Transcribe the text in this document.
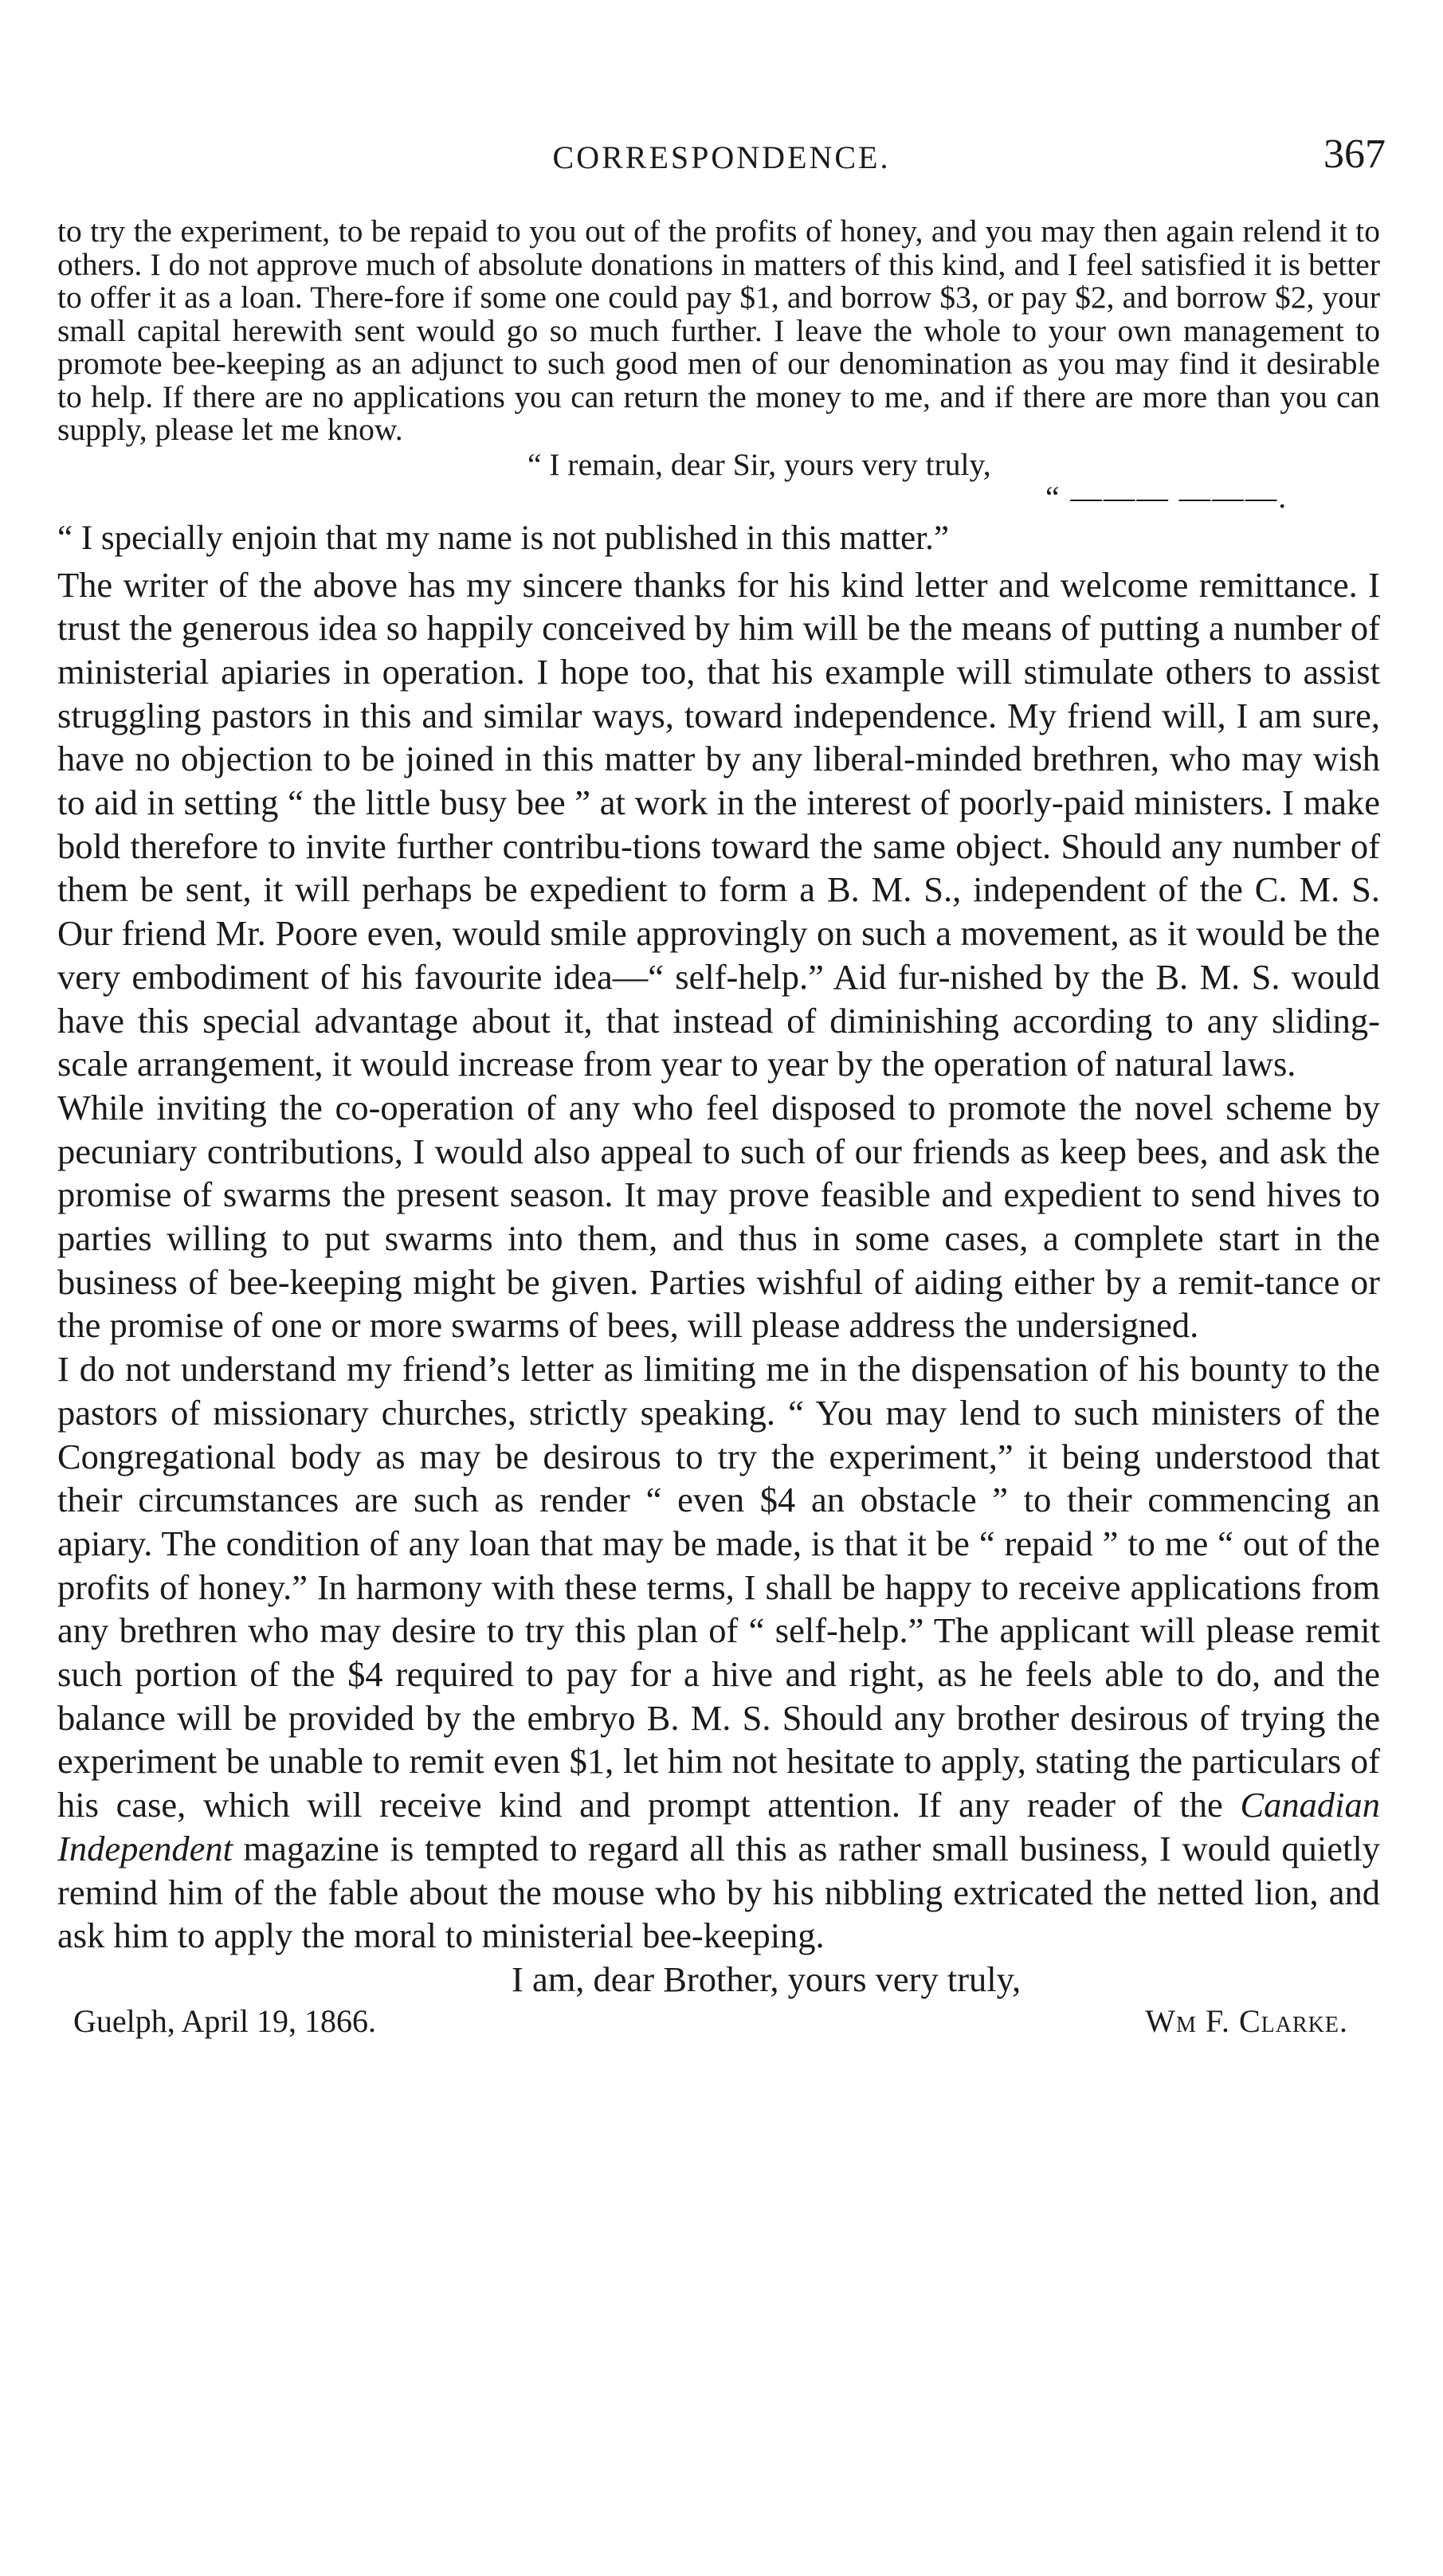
CORRESPONDENCE.	367

to try the experiment, to be repaid to you out of the profits of honey, and you may then again relend it to others. I do not approve much of absolute donations in matters of this kind, and I feel satisfied it is better to offer it as a loan. There-fore if some one could pay $1, and borrow $3, or pay $2, and borrow $2, your small capital herewith sent would go so much further. I leave the whole to your own management to promote bee-keeping as an adjunct to such good men of our denomination as you may find it desirable to help. If there are no applications you can return the money to me, and if there are more than you can supply, please let me know.

“ I remain, dear Sir, yours very truly,

“ ——— ———.

“ I specially enjoin that my name is not published in this matter.”

The writer of the above has my sincere thanks for his kind letter and welcome remittance. I trust the generous idea so happily conceived by him will be the means of putting a number of ministerial apiaries in operation. I hope too, that his example will stimulate others to assist struggling pastors in this and similar ways, toward independence. My friend will, I am sure, have no objection to be joined in this matter by any liberal-minded brethren, who may wish to aid in setting “ the little busy bee ” at work in the interest of poorly-paid ministers. I make bold therefore to invite further contribu-tions toward the same object. Should any number of them be sent, it will perhaps be expedient to form a B. M. S., independent of the C. M. S. Our friend Mr. Poore even, would smile approvingly on such a movement, as it would be the very embodiment of his favourite idea—“ self-help.” Aid fur-nished by the B. M. S. would have this special advantage about it, that instead of diminishing according to any sliding-scale arrangement, it would increase from year to year by the operation of natural laws.

While inviting the co-operation of any who feel disposed to promote the novel scheme by pecuniary contributions, I would also appeal to such of our friends as keep bees, and ask the promise of swarms the present season. It may prove feasible and expedient to send hives to parties willing to put swarms into them, and thus in some cases, a complete start in the business of bee-keeping might be given. Parties wishful of aiding either by a remit-tance or the promise of one or more swarms of bees, will please address the undersigned.

I do not understand my friend’s letter as limiting me in the dispensation of his bounty to the pastors of missionary churches, strictly speaking. “ You may lend to such ministers of the Congregational body as may be desirous to try the experiment,” it being understood that their circumstances are such as render “ even $4 an obstacle ” to their commencing an apiary. The condition of any loan that may be made, is that it be “ repaid ” to me “ out of the profits of honey.” In harmony with these terms, I shall be happy to receive applications from any brethren who may desire to try this plan of “ self-help.” The applicant will please remit such portion of the $4 required to pay for a hive and right, as he feels able to do, and the balance will be provided by the embryo B. M. S. Should any brother desirous of trying the experiment be unable to remit even $1, let him not hesitate to apply, stating the particulars of his case, which will receive kind and prompt attention. If any reader of the Canadian Independent magazine is tempted to regard all this as rather small business, I would quietly remind him of the fable about the mouse who by his nibbling extricated the netted lion, and ask him to apply the moral to ministerial bee-keeping.

I am, dear Brother, yours very truly,

Guelph, April 19, 1866.	Wm F. Clarke.
